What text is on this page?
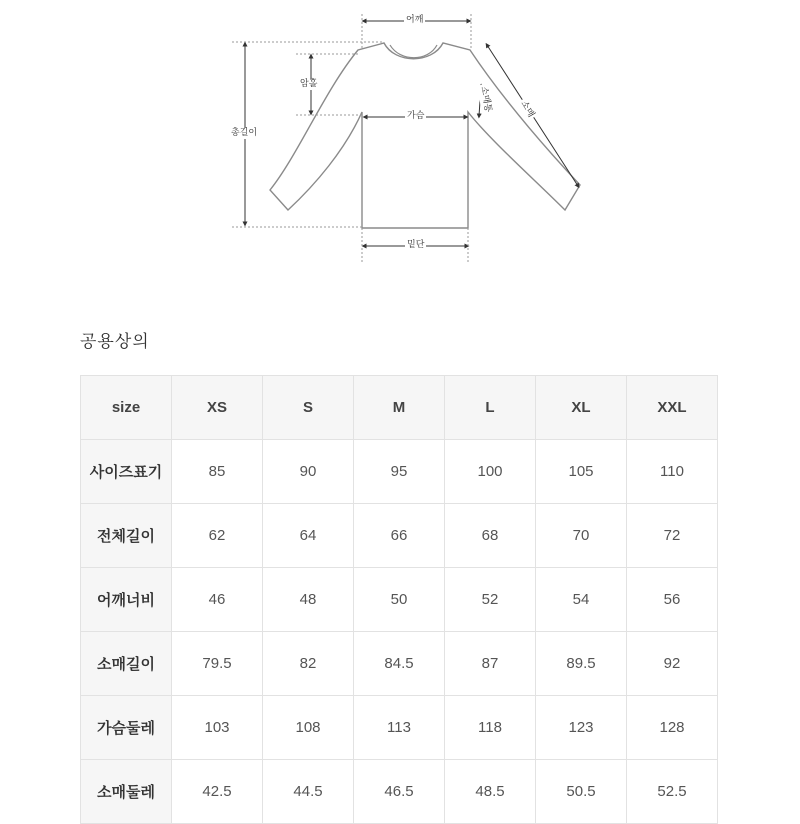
어깨
암홀
총길이
가슴
밑단
소매
소매통
공용상의
size	XS	S	M	L	XL	XXL
사이즈표기	85	90	95	100	105	110
전체길이	62	64	66	68	70	72
어깨너비	46	48	50	52	54	56
소매길이	79.5	82	84.5	87	89.5	92
가슴둘레	103	108	113	118	123	128
소매둘레	42.5	44.5	46.5	48.5	50.5	52.5
